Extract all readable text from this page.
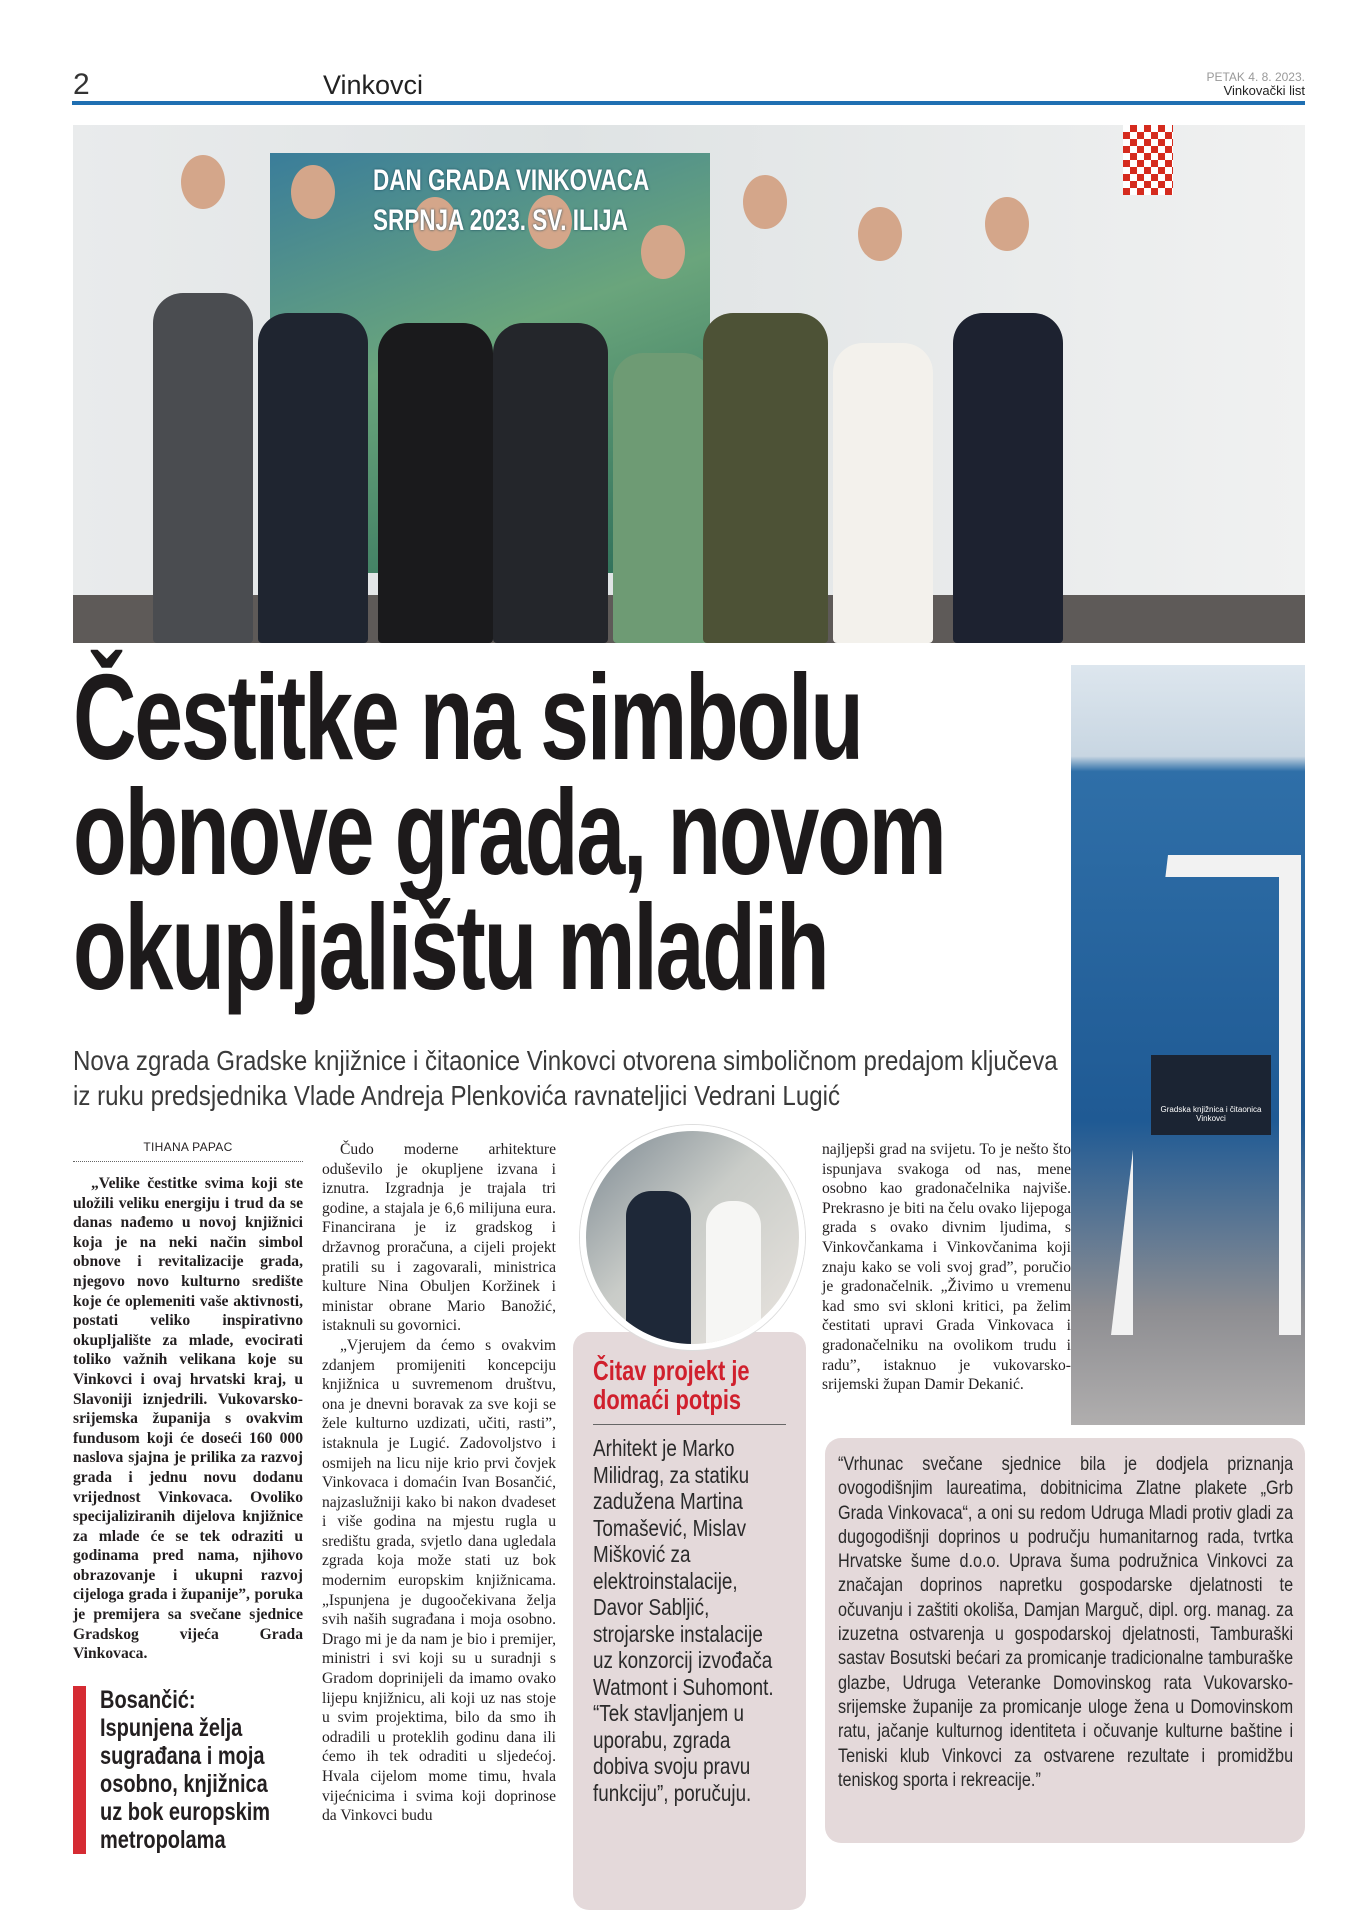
2	Vinkovci	PETAK 4. 8. 2023.
Vinkovački list
DAN GRADA VINKOVACA
SRPNJA 2023. SV. ILIJA
Čestitke na simbolu
obnove grada, novom
okupljalištu mladih
Gradska knjižnica i čitaonica Vinkovci
Nova zgrada Gradske knjižnice i čitaonice Vinkovci otvorena simboličnom predajom ključeva iz ruku predsjednika Vlade Andreja Plenkovića ravnateljici Vedrani Lugić
TIHANA PAPAC

„Velike čestitke svima koji ste uložili veliku energiju i trud da se danas nađemo u novoj knjižnici koja je na neki način simbol obnove i revitalizacije grada, njegovo novo kulturno središte koje će oplemeniti vaše aktivnosti, postati veliko inspirativno okupljalište za mlade, evocirati toliko važnih velikana koje su Vinkovci i ovaj hrvatski kraj, u Slavoniji iznjedrili. Vukovarsko-srijemska županija s ovakvim fundusom koji će doseći 160 000 naslova sjajna je prilika za razvoj grada i jednu novu dodanu vrijednost Vinkovaca. Ovoliko specijaliziranih dijelova knjižnice za mlade će se tek odraziti u godinama pred nama, njihovo obrazovanje i ukupni razvoj cijeloga grada i županije”, poruka je premijera sa svečane sjednice Gradskog vijeća Grada Vinkovaca.

Bosančić:
Ispunjena želja
sugrađana i moja
osobno, knjižnica
uz bok europskim
metropolama

Čudo moderne arhitekture oduševilo je okupljene izvana i iznutra. Izgradnja je trajala tri godine, a stajala je 6,6 milijuna eura. Financirana je iz gradskog i državnog proračuna, a cijeli projekt pratili su i zagovarali, ministrica kulture Nina Obuljen Koržinek i ministar obrane Mario Banožić, istaknuli su govornici.

„Vjerujem da ćemo s ovakvim zdanjem promijeniti koncepciju knjižnica u suvremenom društvu, ona je dnevni boravak za sve koji se žele kulturno uzdizati, učiti, rasti”, istaknula je Lugić. Zadovoljstvo i osmijeh na licu nije krio prvi čovjek Vinkovaca i domaćin Ivan Bosančić, najzaslužniji kako bi nakon dvadeset i više godina na mjestu rugla u središtu grada, svjetlo dana ugledala zgrada koja može stati uz bok modernim europskim knjižnicama. „Ispunjena je dugoočekivana želja svih naših sugrađana i moja osobno. Drago mi je da nam je bio i premijer, ministri i svi koji su u suradnji s Gradom doprinijeli da imamo ovako lijepu knjižnicu, ali koji uz nas stoje u svim projektima, bilo da smo ih odradili u proteklih godinu dana ili ćemo ih tek odraditi u sljedećoj. Hvala cijelom mome timu, hvala vijećnicima i svima koji doprinose da Vinkovci budu

Čitav projekt je
domaći potpis
Arhitekt je Marko Milidrag, za statiku zadužena Martina Tomašević, Mislav Mišković za elektroinstalacije, Davor Sabljić, strojarske instalacije uz konzorcij izvođača Watmont i Suhomont. “Tek stavljanjem u uporabu, zgrada dobiva svoju pravu funkciju”, poručuju.

najljepši grad na svijetu. To je nešto što ispunjava svakoga od nas, mene osobno kao gradonačelnika najviše. Prekrasno je biti na čelu ovako lijepoga grada s ovako divnim ljudima, s Vinkovčankama i Vinkovčanima koji znaju kako se voli svoj grad”, poručio je gradonačelnik. „Živimo u vremenu kad smo svi skloni kritici, pa želim čestitati upravi Grada Vinkovaca i gradonačelniku na ovolikom trudu i radu”, istaknuo je vukovarsko-srijemski župan Damir Dekanić.

“Vrhunac svečane sjednice bila je dodjela priznanja ovogodišnjim laureatima, dobitnicima Zlatne plakete „Grb Grada Vinkovaca“, a oni su redom Udruga Mladi protiv gladi za dugogodišnji doprinos u području humanitarnog rada, tvrtka Hrvatske šume d.o.o. Uprava šuma podružnica Vinkovci za značajan doprinos napretku gospodarske djelatnosti te očuvanju i zaštiti okoliša, Damjan Marguč, dipl. org. manag. za izuzetna ostvarenja u gospodarskoj djelatnosti, Tamburaški sastav Bosutski bećari za promicanje tradicionalne tamburaške glazbe, Udruga Veteranke Domovinskog rata Vukovarsko-srijemske županije za promicanje uloge žena u Domovinskom ratu, jačanje kulturnog identiteta i očuvanje kulturne baštine i Teniski klub Vinkovci za ostvarene rezultate i promidžbu teniskog sporta i rekreacije.”
